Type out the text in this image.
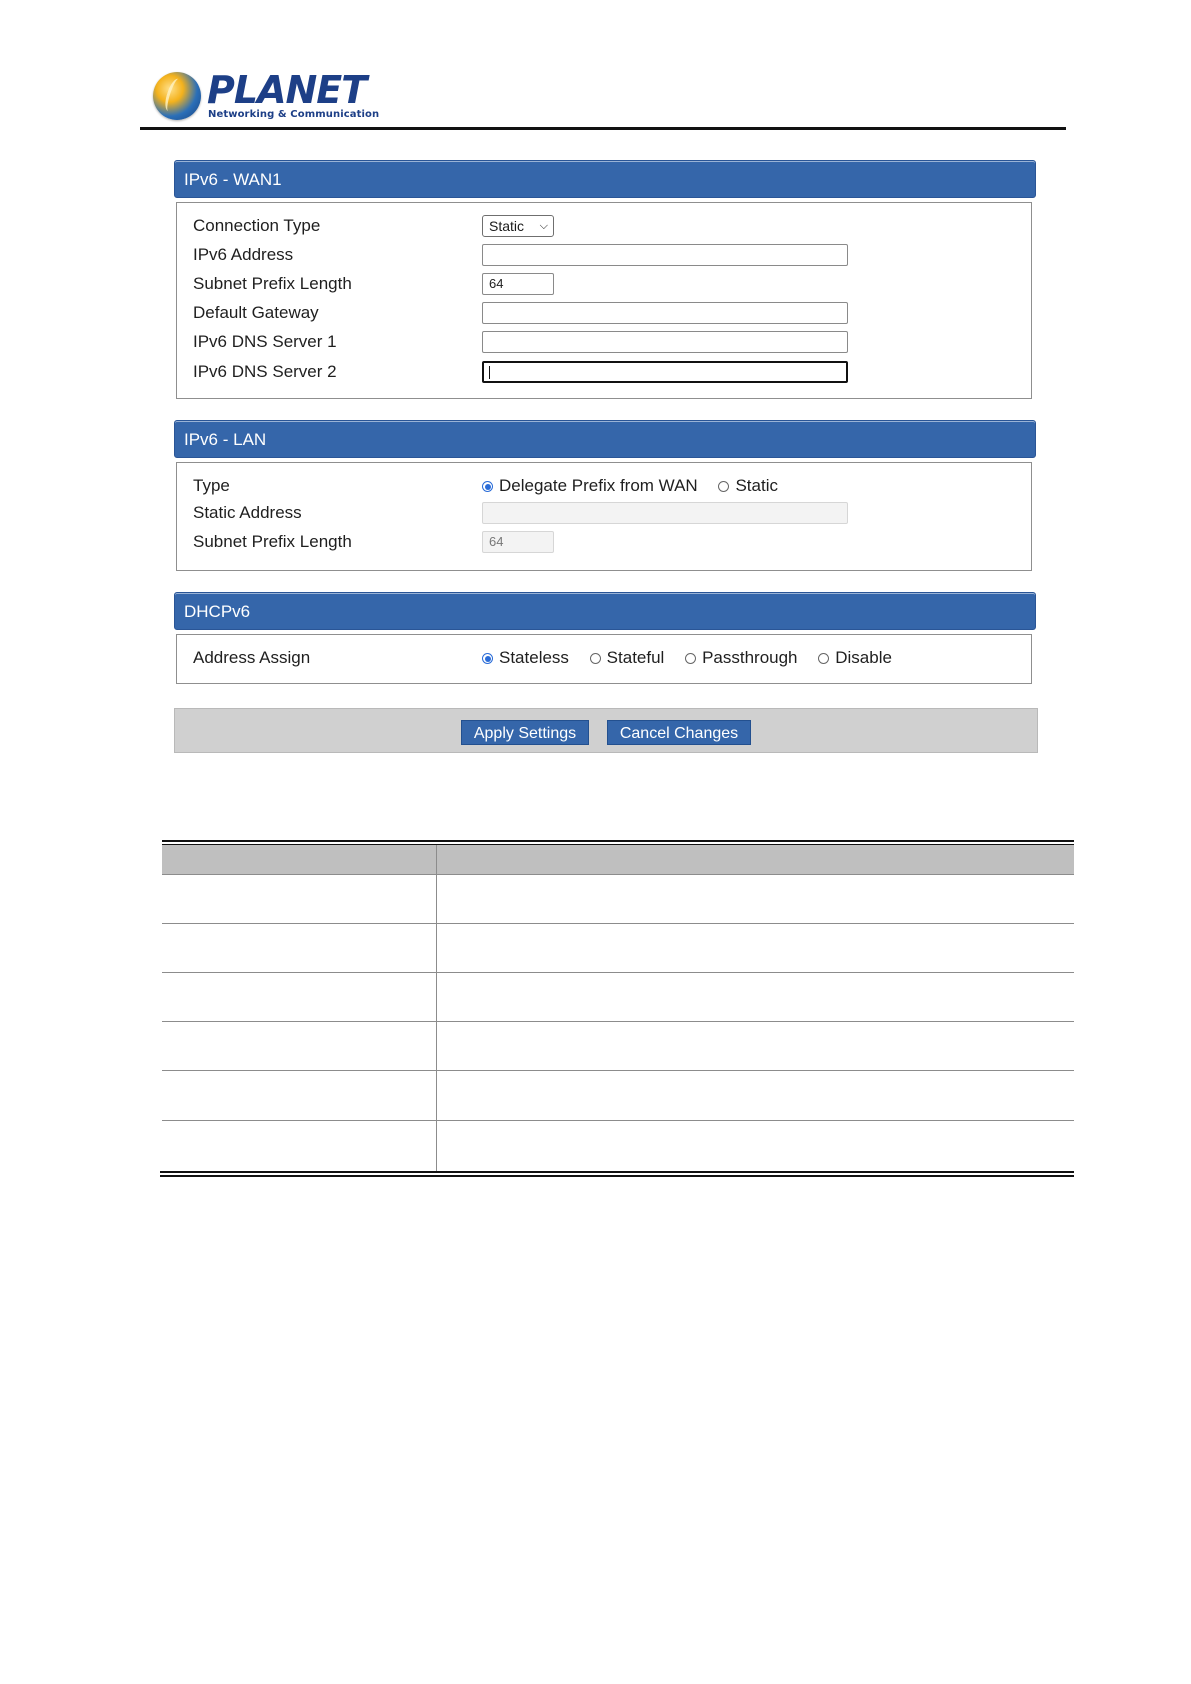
PLANET
Networking & Communication
IPv6 - WAN1
Connection Type	Static ⌵
IPv6 Address
Subnet Prefix Length	64
Default Gateway
IPv6 DNS Server 1
IPv6 DNS Server 2
IPv6 - LAN
Type	Delegate Prefix from WAN Static
Static Address
Subnet Prefix Length	64
DHCPv6
Address Assign	Stateless Stateful Passthrough Disable
Apply Settings	Cancel Changes
